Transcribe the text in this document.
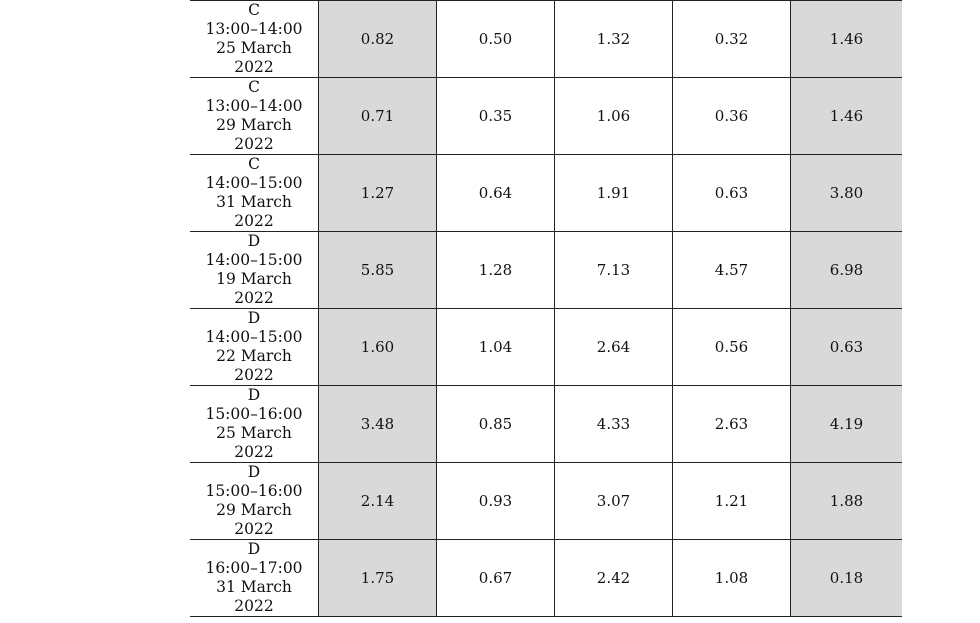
C
13:00–14:00
25 March
2022	0.82	0.50	1.32	0.32	1.46

C
13:00–14:00
29 March
2022	0.71	0.35	1.06	0.36	1.46

C
14:00–15:00
31 March
2022	1.27	0.64	1.91	0.63	3.80

D
14:00–15:00
19 March
2022	5.85	1.28	7.13	4.57	6.98

D
14:00–15:00
22 March
2022	1.60	1.04	2.64	0.56	0.63

D
15:00–16:00
25 March
2022	3.48	0.85	4.33	2.63	4.19

D
15:00–16:00
29 March
2022	2.14	0.93	3.07	1.21	1.88

D
16:00–17:00
31 March
2022	1.75	0.67	2.42	1.08	0.18
